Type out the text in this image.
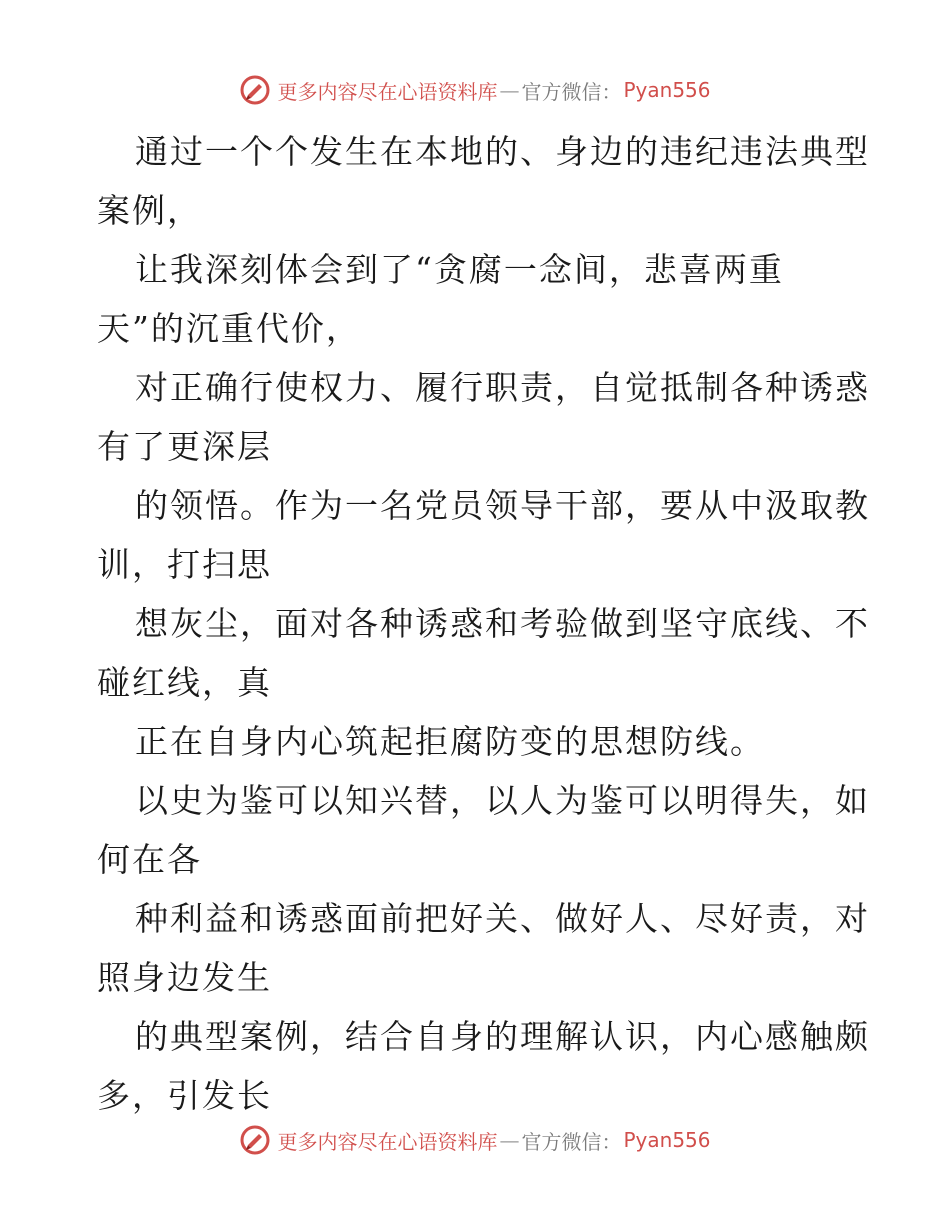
更多内容尽在心语资料库 — 官方微信： Pyan556
通过一个个发生在本地的、身边的违纪违法典型
案例，
让我深刻体会到了“贪腐一念间，悲喜两重
天”的沉重代价，
对正确行使权力、履行职责，自觉抵制各种诱惑
有了更深层
的领悟。作为一名党员领导干部，要从中汲取教
训，打扫思
想灰尘，面对各种诱惑和考验做到坚守底线、不
碰红线，真
正在自身内心筑起拒腐防变的思想防线。
以史为鉴可以知兴替，以人为鉴可以明得失，如
何在各
种利益和诱惑面前把好关、做好人、尽好责，对
照身边发生
的典型案例，结合自身的理解认识，内心感触颇
多，引发长
更多内容尽在心语资料库 — 官方微信： Pyan556
